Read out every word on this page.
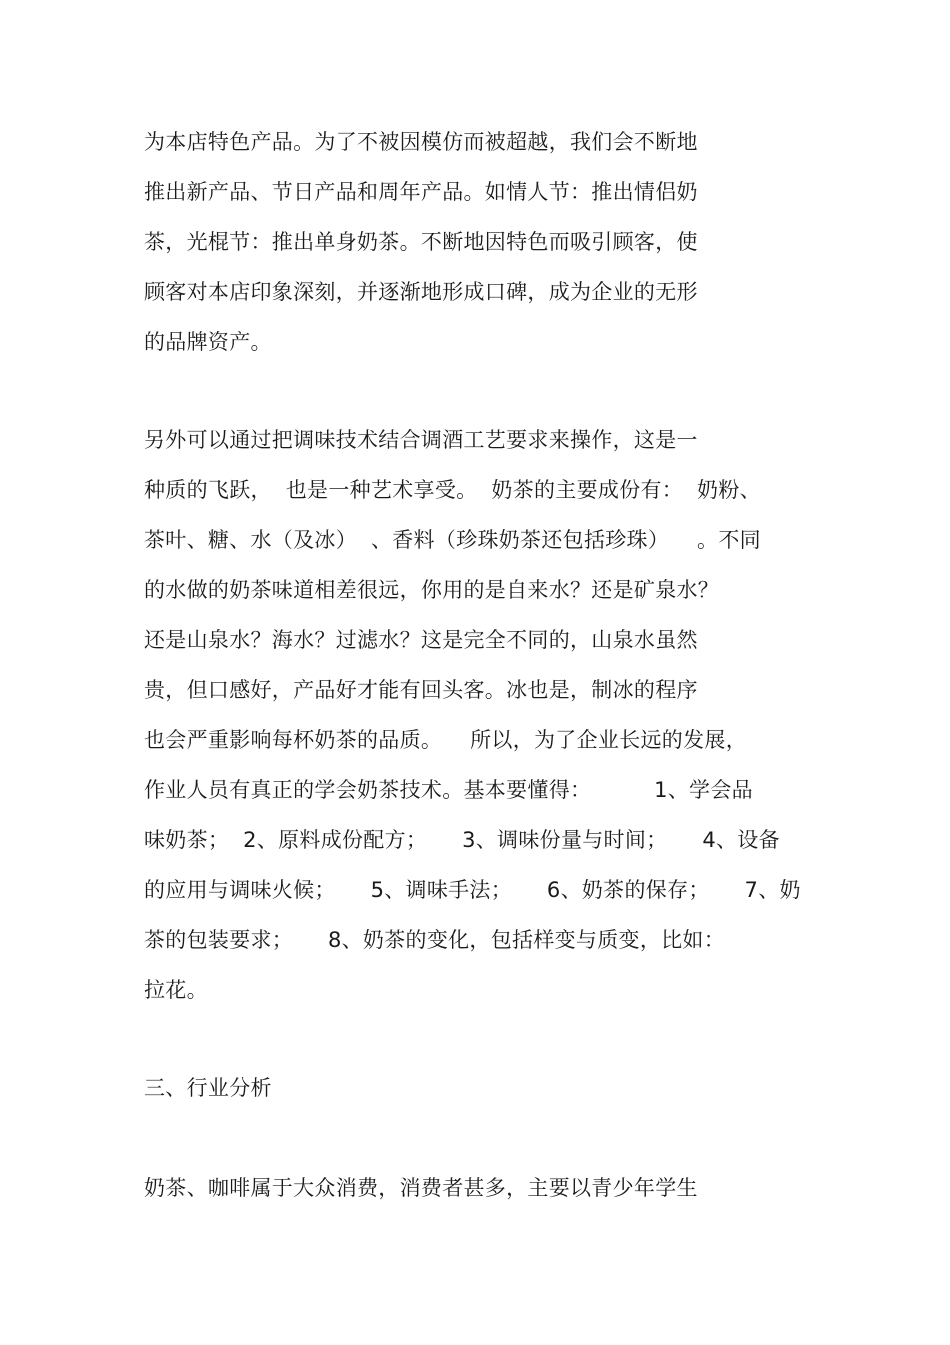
为本店特色产品。为了不被因模仿而被超越，我们会不断地
推出新产品、节日产品和周年产品。如情人节：推出情侣奶
茶，光棍节：推出单身奶茶。不断地因特色而吸引顾客，使
顾客对本店印象深刻，并逐渐地形成口碑，成为企业的无形
的品牌资产。
另外可以通过把调味技术结合调酒工艺要求来操作，这是一
种质的飞跃，  也是一种艺术享受。  奶茶的主要成份有：  奶粉、
茶叶、糖、水（及冰）  、香料（珍珠奶茶还包括珍珠）    。不同
的水做的奶茶味道相差很远，你用的是自来水？还是矿泉水？
还是山泉水？海水？过滤水？这是完全不同的，山泉水虽然
贵，但口感好，产品好才能有回头客。冰也是，制冰的程序
也会严重影响每杯奶茶的品质。    所以，为了企业长远的发展，
作业人员有真正的学会奶茶技术。基本要懂得：         1、学会品
味奶茶；  2、原料成份配方；     3、调味份量与时间；     4、设备
的应用与调味火候；     5、调味手法；     6、奶茶的保存；     7、奶
茶的包装要求；     8、奶茶的变化，包括样变与质变，比如：
拉花。
三、行业分析
奶茶、咖啡属于大众消费，消费者甚多，主要以青少年学生
